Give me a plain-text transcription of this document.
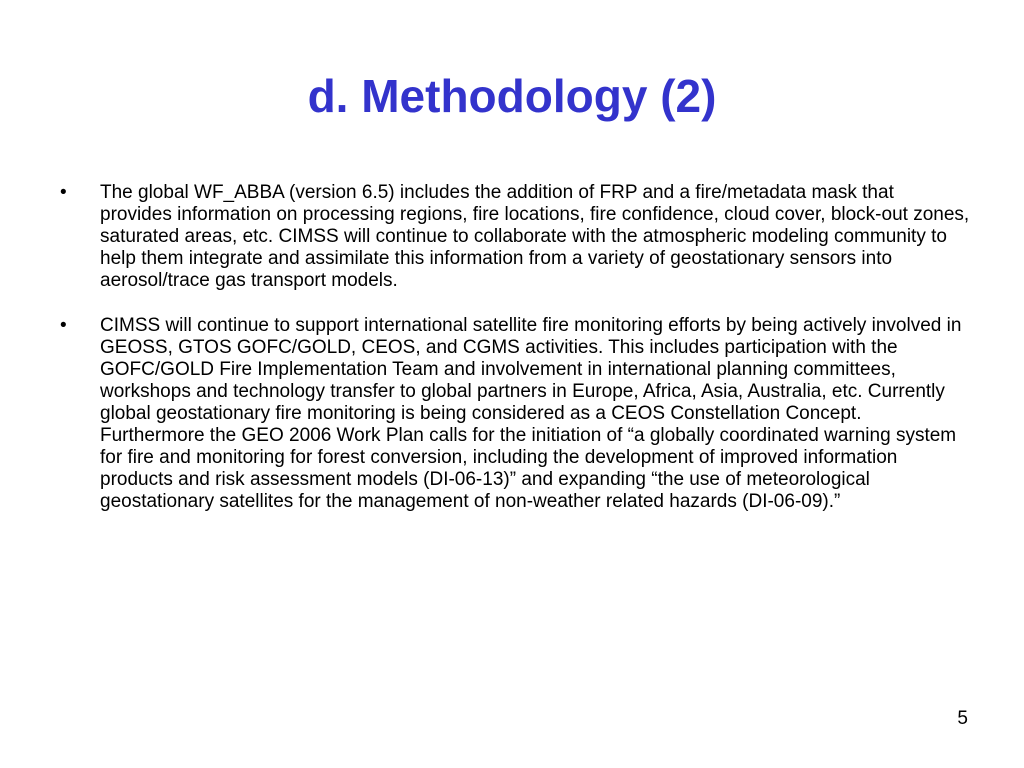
d. Methodology (2)
•	The global WF_ABBA (version 6.5) includes the addition of FRP and a fire/metadata mask that provides information on processing regions, fire locations, fire confidence, cloud cover, block-out zones, saturated areas, etc. CIMSS will continue to collaborate with the atmospheric modeling community to help them integrate and assimilate this information from a variety of geostationary sensors into aerosol/trace gas transport models.
•	CIMSS will continue to support international satellite fire monitoring efforts by being actively involved in GEOSS, GTOS GOFC/GOLD, CEOS, and CGMS activities. This includes participation with the GOFC/GOLD Fire Implementation Team and involvement in international planning committees, workshops and technology transfer to global partners in Europe, Africa, Asia, Australia, etc. Currently global geostationary fire monitoring is being considered as a CEOS Constellation Concept. Furthermore the GEO 2006 Work Plan calls for the initiation of “a globally coordinated warning system for fire and monitoring for forest conversion, including the development of improved information products and risk assessment models (DI-06-13)” and expanding “the use of meteorological geostationary satellites for the management of non-weather related hazards (DI-06-09).”
5
